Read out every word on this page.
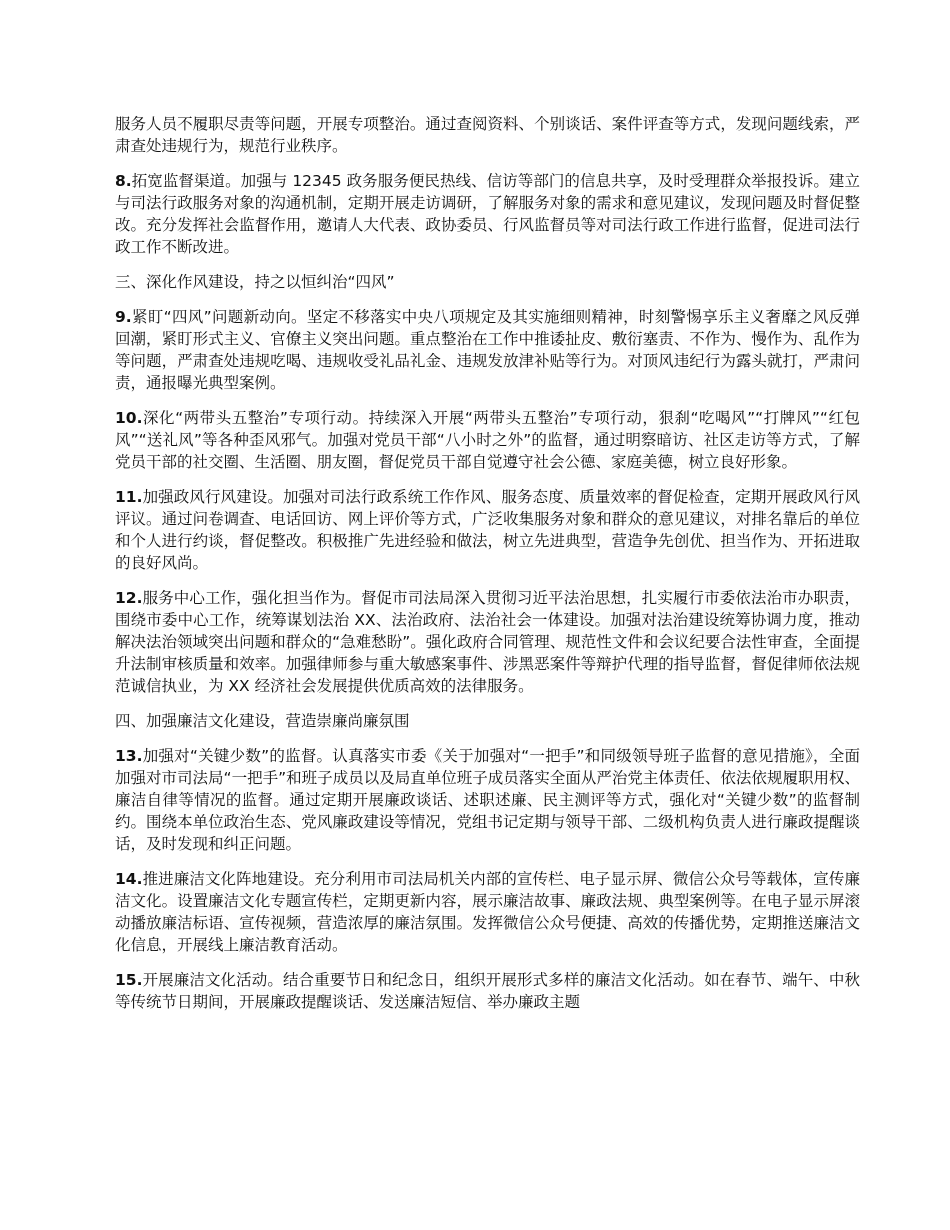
服务人员不履职尽责等问题，开展专项整治。通过查阅资料、个别谈话、案件评查等方式，发现问题线索，严肃查处违规行为，规范行业秩序。

8.拓宽监督渠道。加强与 12345 政务服务便民热线、信访等部门的信息共享，及时受理群众举报投诉。建立与司法行政服务对象的沟通机制，定期开展走访调研，了解服务对象的需求和意见建议，发现问题及时督促整改。充分发挥社会监督作用，邀请人大代表、政协委员、行风监督员等对司法行政工作进行监督，促进司法行政工作不断改进。

三、深化作风建设，持之以恒纠治“四风”

9.紧盯“四风”问题新动向。坚定不移落实中央八项规定及其实施细则精神，时刻警惕享乐主义奢靡之风反弹回潮，紧盯形式主义、官僚主义突出问题。重点整治在工作中推诿扯皮、敷衍塞责、不作为、慢作为、乱作为等问题，严肃查处违规吃喝、违规收受礼品礼金、违规发放津补贴等行为。对顶风违纪行为露头就打，严肃问责，通报曝光典型案例。

10.深化“两带头五整治”专项行动。持续深入开展“两带头五整治”专项行动，狠刹“吃喝风”“打牌风”“红包风”“送礼风”等各种歪风邪气。加强对党员干部“八小时之外”的监督，通过明察暗访、社区走访等方式，了解党员干部的社交圈、生活圈、朋友圈，督促党员干部自觉遵守社会公德、家庭美德，树立良好形象。

11.加强政风行风建设。加强对司法行政系统工作作风、服务态度、质量效率的督促检查，定期开展政风行风评议。通过问卷调查、电话回访、网上评价等方式，广泛收集服务对象和群众的意见建议，对排名靠后的单位和个人进行约谈，督促整改。积极推广先进经验和做法，树立先进典型，营造争先创优、担当作为、开拓进取的良好风尚。

12.服务中心工作，强化担当作为。督促市司法局深入贯彻习近平法治思想，扎实履行市委依法治市办职责，围绕市委中心工作，统筹谋划法治 XX、法治政府、法治社会一体建设。加强对法治建设统筹协调力度，推动解决法治领域突出问题和群众的“急难愁盼”。强化政府合同管理、规范性文件和会议纪要合法性审查，全面提升法制审核质量和效率。加强律师参与重大敏感案事件、涉黑恶案件等辩护代理的指导监督，督促律师依法规范诚信执业，为 XX 经济社会发展提供优质高效的法律服务。

四、加强廉洁文化建设，营造崇廉尚廉氛围

13.加强对“关键少数”的监督。认真落实市委《关于加强对“一把手”和同级领导班子监督的意见措施》，全面加强对市司法局“一把手”和班子成员以及局直单位班子成员落实全面从严治党主体责任、依法依规履职用权、廉洁自律等情况的监督。通过定期开展廉政谈话、述职述廉、民主测评等方式，强化对“关键少数”的监督制约。围绕本单位政治生态、党风廉政建设等情况，党组书记定期与领导干部、二级机构负责人进行廉政提醒谈话，及时发现和纠正问题。

14.推进廉洁文化阵地建设。充分利用市司法局机关内部的宣传栏、电子显示屏、微信公众号等载体，宣传廉洁文化。设置廉洁文化专题宣传栏，定期更新内容，展示廉洁故事、廉政法规、典型案例等。在电子显示屏滚动播放廉洁标语、宣传视频，营造浓厚的廉洁氛围。发挥微信公众号便捷、高效的传播优势，定期推送廉洁文化信息，开展线上廉洁教育活动。

15.开展廉洁文化活动。结合重要节日和纪念日，组织开展形式多样的廉洁文化活动。如在春节、端午、中秋等传统节日期间，开展廉政提醒谈话、发送廉洁短信、举办廉政主题
